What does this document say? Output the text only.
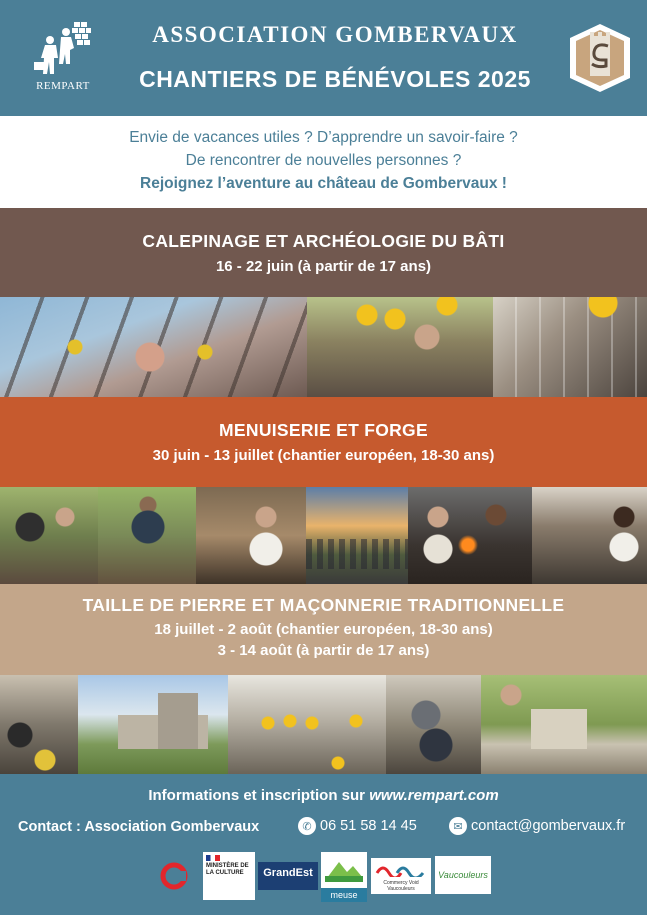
REMPART
ASSOCIATION GOMBERVAUX
CHANTIERS DE BÉNÉVOLES 2025

Envie de vacances utiles ? D’apprendre un savoir-faire ?

De rencontrer de nouvelles personnes ?

Rejoignez l’aventure au château de Gombervaux !

CALEPINAGE ET ARCHÉOLOGIE DU BÂTI
16 - 22 juin (à partir de 17 ans)
MENUISERIE ET FORGE
30 juin - 13 juillet (chantier européen, 18-30 ans)
TAILLE DE PIERRE ET MAÇONNERIE TRADITIONNELLE
18 juillet - 2 août (chantier européen, 18-30 ans)
3 - 14 août (à partir de 17 ans)
Informations et inscription sur www.rempart.com
Contact : Association Gombervaux	✆ 06 51 58 14 45	✉ contact@gombervaux.fr
MINISTÈRE DE LA CULTURE	GrandEst
meuse
Commercy Void Vaucouleurs
Vaucouleurs
